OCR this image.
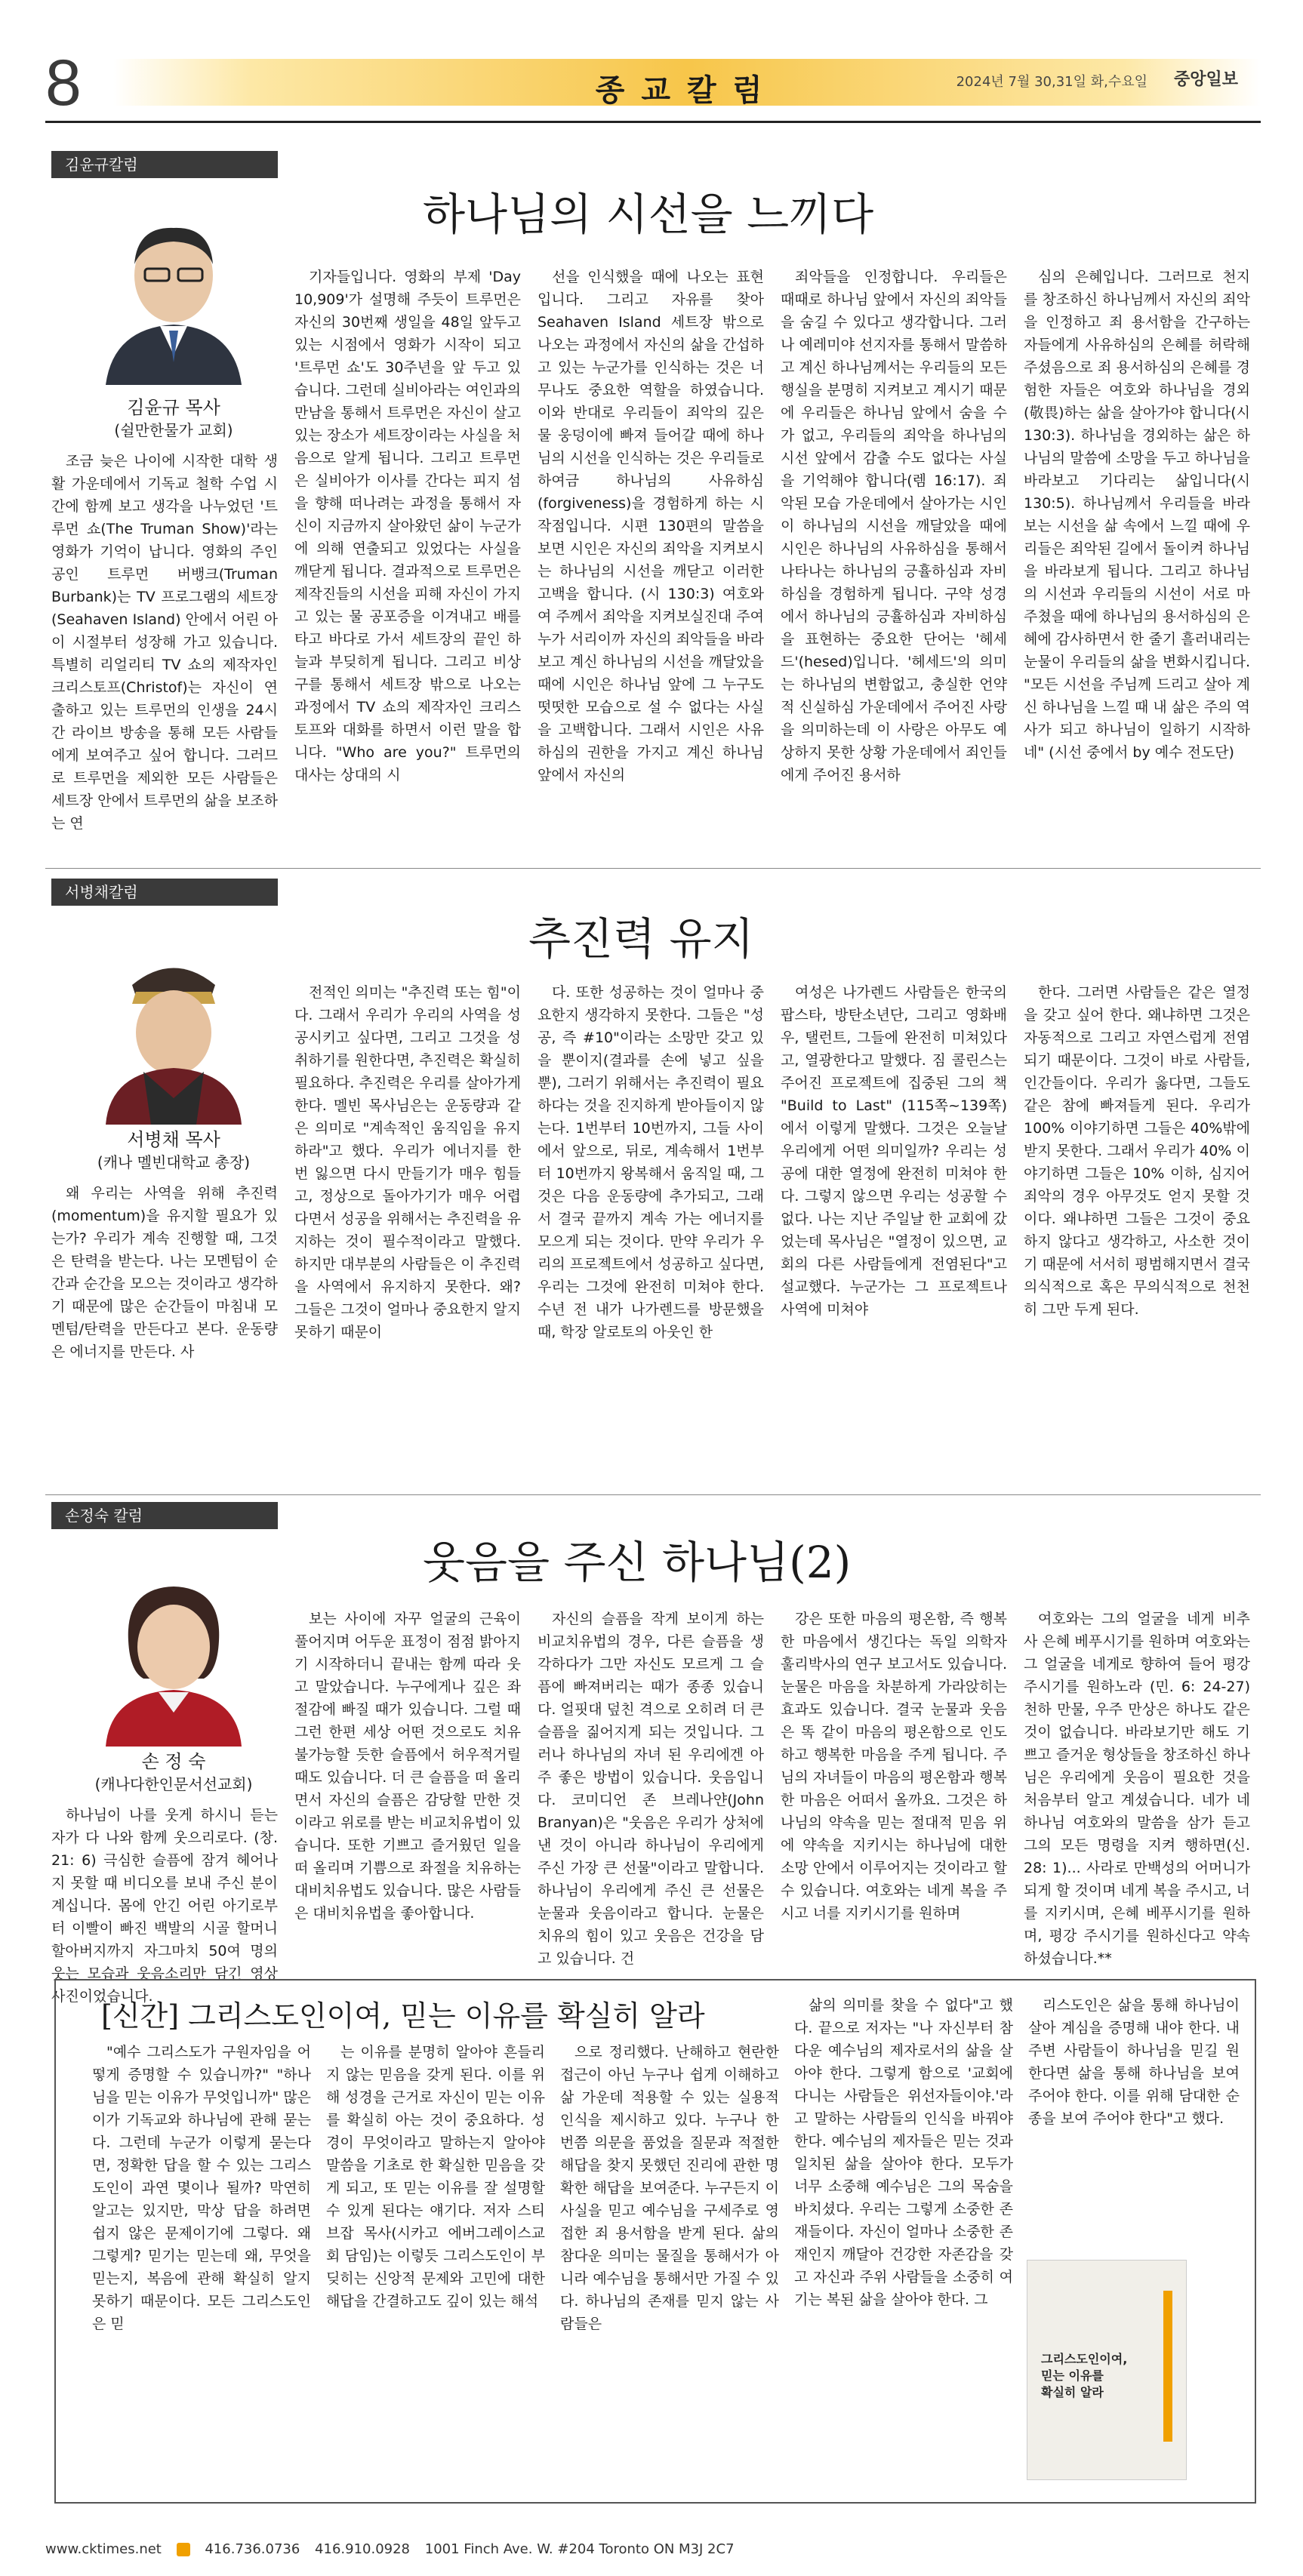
8	종교칼럼	2024년 7월 30,31일 화,수요일 중앙일보
김윤규칼럼
하나님의 시선을 느끼다
김윤규 목사
(쉴만한물가 교회)

조금 늦은 나이에 시작한 대학 생활 가운데에서 기독교 철학 수업 시간에 함께 보고 생각을 나누었던 '트루먼 쇼(The Truman Show)'라는 영화가 기억이 납니다. 영화의 주인공인 트루먼 버뱅크(Truman Burbank)는 TV 프로그램의 세트장(Seahaven Island) 안에서 어린 아이 시절부터 성장해 가고 있습니다. 특별히 리얼리티 TV 쇼의 제작자인 크리스토프(Christof)는 자신이 연출하고 있는 트루먼의 인생을 24시간 라이브 방송을 통해 모든 사람들에게 보여주고 싶어 합니다. 그러므로 트루먼을 제외한 모든 사람들은 세트장 안에서 트루먼의 삶을 보조하는 연

기자들입니다. 영화의 부제 'Day 10,909'가 설명해 주듯이 트루먼은 자신의 30번째 생일을 48일 앞두고 있는 시점에서 영화가 시작이 되고 '트루먼 쇼'도 30주년을 앞 두고 있습니다. 그런데 실비아라는 여인과의 만남을 통해서 트루먼은 자신이 살고 있는 장소가 세트장이라는 사실을 처음으로 알게 됩니다. 그리고 트루먼은 실비아가 이사를 간다는 피지 섬을 향해 떠나려는 과정을 통해서 자신이 지금까지 살아왔던 삶이 누군가에 의해 연출되고 있었다는 사실을 깨닫게 됩니다. 결과적으로 트루먼은 제작진들의 시선을 피해 자신이 가지고 있는 물 공포증을 이겨내고 배를 타고 바다로 가서 세트장의 끝인 하늘과 부딪히게 됩니다. 그리고 비상구를 통해서 세트장 밖으로 나오는 과정에서 TV 쇼의 제작자인 크리스토프와 대화를 하면서 이런 말을 합니다. "Who are you?" 트루먼의 대사는 상대의 시

선을 인식했을 때에 나오는 표현입니다. 그리고 자유를 찾아 Seahaven Island 세트장 밖으로 나오는 과정에서 자신의 삶을 간섭하고 있는 누군가를 인식하는 것은 너무나도 중요한 역할을 하였습니다. 이와 반대로 우리들이 죄악의 깊은 물 웅덩이에 빠져 들어갈 때에 하나님의 시선을 인식하는 것은 우리들로 하여금 하나님의 사유하심(forgiveness)을 경험하게 하는 시작점입니다. 시편 130편의 말씀을 보면 시인은 자신의 죄악을 지켜보시는 하나님의 시선을 깨닫고 이러한 고백을 합니다. (시 130:3) 여호와여 주께서 죄악을 지켜보실진대 주여 누가 서리이까 자신의 죄악들을 바라보고 계신 하나님의 시선을 깨달았을 때에 시인은 하나님 앞에 그 누구도 떳떳한 모습으로 설 수 없다는 사실을 고백합니다. 그래서 시인은 사유하심의 권한을 가지고 계신 하나님 앞에서 자신의

죄악들을 인정합니다. 우리들은 때때로 하나님 앞에서 자신의 죄악들을 숨길 수 있다고 생각합니다. 그러나 예레미야 선지자를 통해서 말씀하고 계신 하나님께서는 우리들의 모든 행실을 분명히 지켜보고 계시기 때문에 우리들은 하나님 앞에서 숨을 수가 없고, 우리들의 죄악을 하나님의 시선 앞에서 감출 수도 없다는 사실을 기억해야 합니다(렘 16:17). 죄악된 모습 가운데에서 살아가는 시인이 하나님의 시선을 깨달았을 때에 시인은 하나님의 사유하심을 통해서 나타나는 하나님의 긍휼하심과 자비하심을 경험하게 됩니다. 구약 성경에서 하나님의 긍휼하심과 자비하심을 표현하는 중요한 단어는 '헤세드'(hesed)입니다. '헤세드'의 의미는 하나님의 변함없고, 충실한 언약적 신실하심 가운데에서 주어진 사랑을 의미하는데 이 사랑은 아무도 예상하지 못한 상황 가운데에서 죄인들에게 주어진 용서하

심의 은혜입니다. 그러므로 천지를 창조하신 하나님께서 자신의 죄악을 인정하고 죄 용서함을 간구하는 자들에게 사유하심의 은혜를 허락해 주셨음으로 죄 용서하심의 은혜를 경험한 자들은 여호와 하나님을 경외(敬畏)하는 삶을 살아가야 합니다(시 130:3). 하나님을 경외하는 삶은 하나님의 말씀에 소망을 두고 하나님을 바라보고 기다리는 삶입니다(시 130:5). 하나님께서 우리들을 바라보는 시선을 삶 속에서 느낄 때에 우리들은 죄악된 길에서 돌이켜 하나님을 바라보게 됩니다. 그리고 하나님의 시선과 우리들의 시선이 서로 마주쳤을 때에 하나님의 용서하심의 은혜에 감사하면서 한 줄기 흘러내리는 눈물이 우리들의 삶을 변화시킵니다. "모든 시선을 주님께 드리고 살아 계신 하나님을 느낄 때 내 삶은 주의 역사가 되고 하나님이 일하기 시작하네" (시선 중에서 by 예수 전도단)

서병채칼럼
추진력 유지
서병채 목사
(캐나 멜빈대학교 총장)

왜 우리는 사역을 위해 추진력(momentum)을 유지할 필요가 있는가? 우리가 계속 진행할 때, 그것은 탄력을 받는다. 나는 모멘텀이 순간과 순간을 모으는 것이라고 생각하기 때문에 많은 순간들이 마침내 모멘텀/탄력을 만든다고 본다. 운동량은 에너지를 만든다. 사

전적인 의미는 "추진력 또는 힘"이다. 그래서 우리가 우리의 사역을 성공시키고 싶다면, 그리고 그것을 성취하기를 원한다면, 추진력은 확실히 필요하다. 추진력은 우리를 살아가게 한다. 멜빈 목사님은는 운동량과 같은 의미로 "계속적인 움직임을 유지하라"고 했다. 우리가 에너지를 한 번 잃으면 다시 만들기가 매우 힘들고, 정상으로 돌아가기가 매우 어렵다면서 성공을 위해서는 추진력을 유지하는 것이 필수적이라고 말했다. 하지만 대부분의 사람들은 이 추진력을 사역에서 유지하지 못한다. 왜? 그들은 그것이 얼마나 중요한지 알지 못하기 때문이

다. 또한 성공하는 것이 얼마나 중요한지 생각하지 못한다. 그들은 "성공, 즉 #10"이라는 소망만 갖고 있을 뿐이지(결과를 손에 넣고 싶을 뿐), 그러기 위해서는 추진력이 필요하다는 것을 진지하게 받아들이지 않는다. 1번부터 10번까지, 그들 사이에서 앞으로, 뒤로, 계속해서 1번부터 10번까지 왕복해서 움직일 때, 그것은 다음 운동량에 추가되고, 그래서 결국 끝까지 계속 가는 에너지를 모으게 되는 것이다. 만약 우리가 우리의 프로젝트에서 성공하고 싶다면, 우리는 그것에 완전히 미쳐야 한다. 수년 전 내가 나가렌드를 방문했을 때, 학장 알로토의 아웃인 한

여성은 나가렌드 사람들은 한국의 팝스타, 방탄소년단, 그리고 영화배우, 탤런트, 그들에 완전히 미쳐있다고, 열광한다고 말했다. 짐 콜린스는 주어진 프로젝트에 집중된 그의 책 "Build to Last" (115쪽~139쪽)에서 이렇게 말했다. 그것은 오늘날 우리에게 어떤 의미일까? 우리는 성공에 대한 열정에 완전히 미쳐야 한다. 그렇지 않으면 우리는 성공할 수 없다. 나는 지난 주일날 한 교회에 갔었는데 목사님은 "열정이 있으면, 교회의 다른 사람들에게 전염된다"고 설교했다. 누군가는 그 프로젝트나 사역에 미쳐야

한다. 그러면 사람들은 같은 열정을 갖고 싶어 한다. 왜냐하면 그것은 자동적으로 그리고 자연스럽게 전염되기 때문이다. 그것이 바로 사람들, 인간들이다. 우리가 옳다면, 그들도 같은 참에 빠져들게 된다. 우리가 100% 이야기하면 그들은 40%밖에 받지 못한다. 그래서 우리가 40% 이야기하면 그들은 10% 이하, 심지어 죄악의 경우 아무것도 얻지 못할 것이다. 왜냐하면 그들은 그것이 중요하지 않다고 생각하고, 사소한 것이기 때문에 서서히 평범해지면서 결국 의식적으로 혹은 무의식적으로 천천히 그만 두게 된다.

손정숙 칼럼
웃음을 주신 하나님(2)
손 정 숙
(캐나다한인문서선교회)

하나님이 나를 웃게 하시니 듣는 자가 다 나와 함께 웃으리로다. (창. 21: 6) 극심한 슬픔에 잠겨 헤어나지 못할 때 비디오를 보내 주신 분이 계십니다. 몸에 안긴 어린 아기로부터 이빨이 빠진 백발의 시골 할머니 할아버지까지 자그마치 50여 명의 웃는 모습과 웃음소리만 담긴 영상 사진이었습니다.

보는 사이에 자꾸 얼굴의 근육이 풀어지며 어두운 표정이 점점 밝아지기 시작하더니 끝내는 함께 따라 웃고 말았습니다. 누구에게나 깊은 좌절감에 빠질 때가 있습니다. 그럴 때 그런 한편 세상 어떤 것으로도 치유 불가능할 듯한 슬픔에서 허우적거릴 때도 있습니다. 더 큰 슬픔을 떠 올리면서 자신의 슬픔은 감당할 만한 것이라고 위로를 받는 비교치유법이 있습니다. 또한 기쁘고 즐거웠던 일을 떠 올리며 기쁨으로 좌절을 치유하는 대비치유법도 있습니다. 많은 사람들은 대비치유법을 좋아합니다.

자신의 슬픔을 작게 보이게 하는 비교치유법의 경우, 다른 슬픔을 생각하다가 그만 자신도 모르게 그 슬픔에 빠져버리는 때가 종종 있습니다. 얼핏대 덮친 격으로 오히려 더 큰 슬픔을 짊어지게 되는 것입니다. 그러나 하나님의 자녀 된 우리에겐 아주 좋은 방법이 있습니다. 웃음입니다. 코미디언 존 브레나얀(John Branyan)은 "웃음은 우리가 상처에 낸 것이 아니라 하나님이 우리에게 주신 가장 큰 선물"이라고 말합니다. 하나님이 우리에게 주신 큰 선물은 눈물과 웃음이라고 합니다. 눈물은 치유의 힘이 있고 웃음은 건강을 담고 있습니다. 건

강은 또한 마음의 평온함, 즉 행복한 마음에서 생긴다는 독일 의학자 훌리박사의 연구 보고서도 있습니다. 눈물은 마음을 차분하게 가라앉히는 효과도 있습니다. 결국 눈물과 웃음은 똑 같이 마음의 평온함으로 인도하고 행복한 마음을 주게 됩니다. 주님의 자녀들이 마음의 평온함과 행복한 마음은 어떠서 올까요. 그것은 하나님의 약속을 믿는 절대적 믿음 위에 약속을 지키시는 하나님에 대한 소망 안에서 이루어지는 것이라고 할 수 있습니다. 여호와는 네게 복을 주시고 너를 지키시기를 원하며

여호와는 그의 얼굴을 네게 비추사 은혜 베푸시기를 원하며 여호와는 그 얼굴을 네게로 향하여 들어 평강 주시기를 원하노라 (민. 6: 24-27) 천하 만물, 우주 만상은 하나도 같은 것이 없습니다. 바라보기만 해도 기쁘고 즐거운 형상들을 창조하신 하나님은 우리에게 웃음이 필요한 것을 처음부터 알고 계셨습니다. 네가 네 하나님 여호와의 말씀을 삼가 듣고 그의 모든 명령을 지켜 행하면(신. 28: 1)... 사라로 만백성의 어머니가 되게 할 것이며 네게 복을 주시고, 너를 지키시며, 은혜 베푸시기를 원하며, 평강 주시기를 원하신다고 약속 하셨습니다.**

[신간] 그리스도인이여, 믿는 이유를 확실히 알라

"예수 그리스도가 구원자임을 어떻게 증명할 수 있습니까?" "하나님을 믿는 이유가 무엇입니까" 많은 이가 기독교와 하나님에 관해 묻는다. 그런데 누군가 이렇게 묻는다면, 정확한 답을 할 수 있는 그리스도인이 과연 몇이나 될까? 막연히 알고는 있지만, 막상 답을 하려면 쉽지 않은 문제이기에 그렇다. 왜 그렇게? 믿기는 믿는데 왜, 무엇을 믿는지, 복음에 관해 확실히 알지 못하기 때문이다. 모든 그리스도인은 믿

는 이유를 분명히 알아야 흔들리지 않는 믿음을 갖게 된다. 이를 위해 성경을 근거로 자신이 믿는 이유를 확실히 아는 것이 중요하다. 성경이 무엇이라고 말하는지 알아야 말씀을 기초로 한 확실한 믿음을 갖게 되고, 또 믿는 이유를 잘 설명할 수 있게 된다는 얘기다. 저자 스티브잡 목사(시카고 에버그레이스교회 담임)는 이렇듯 그리스도인이 부딪히는 신앙적 문제와 고민에 대한 해답을 간결하고도 깊이 있는 해석

으로 정리했다. 난해하고 현란한 접근이 아닌 누구나 쉽게 이해하고 삶 가운데 적용할 수 있는 실용적 인식을 제시하고 있다. 누구나 한 번쯤 의문을 품었을 질문과 적절한 해답을 찾지 못했던 진리에 관한 명확한 해답을 보여준다. 누구든지 이 사실을 믿고 예수님을 구세주로 영접한 죄 용서함을 받게 된다. 삶의 참다운 의미는 물질을 통해서가 아니라 예수님을 통해서만 가질 수 있다. 하나님의 존재를 믿지 않는 사람들은

삶의 의미를 찾을 수 없다"고 했다. 끝으로 저자는 "나 자신부터 참다운 예수님의 제자로서의 삶을 살아야 한다. 그렇게 함으로 '교회에 다니는 사람들은 위선자들이야.'라고 말하는 사람들의 인식을 바꿔야 한다. 예수님의 제자들은 믿는 것과 일치된 삶을 살아야 한다. 모두가 너무 소중해 예수님은 그의 목숨을 바치셨다. 우리는 그렇게 소중한 존재들이다. 자신이 얼마나 소중한 존재인지 깨달아 건강한 자존감을 갖고 자신과 주위 사람들을 소중히 여기는 복된 삶을 살아야 한다. 그

리스도인은 삶을 통해 하나님이 살아 계심을 증명해 내야 한다. 내 주변 사람들이 하나님을 믿길 원한다면 삶을 통해 하나님을 보여 주어야 한다. 이를 위해 담대한 순종을 보여 주어야 한다"고 했다.

그리스도인이여,
믿는 이유를
확실히 알라
www.cktimes.net	416.736.0736 416.910.0928 1001 Finch Ave. W. #204 Toronto ON M3J 2C7
